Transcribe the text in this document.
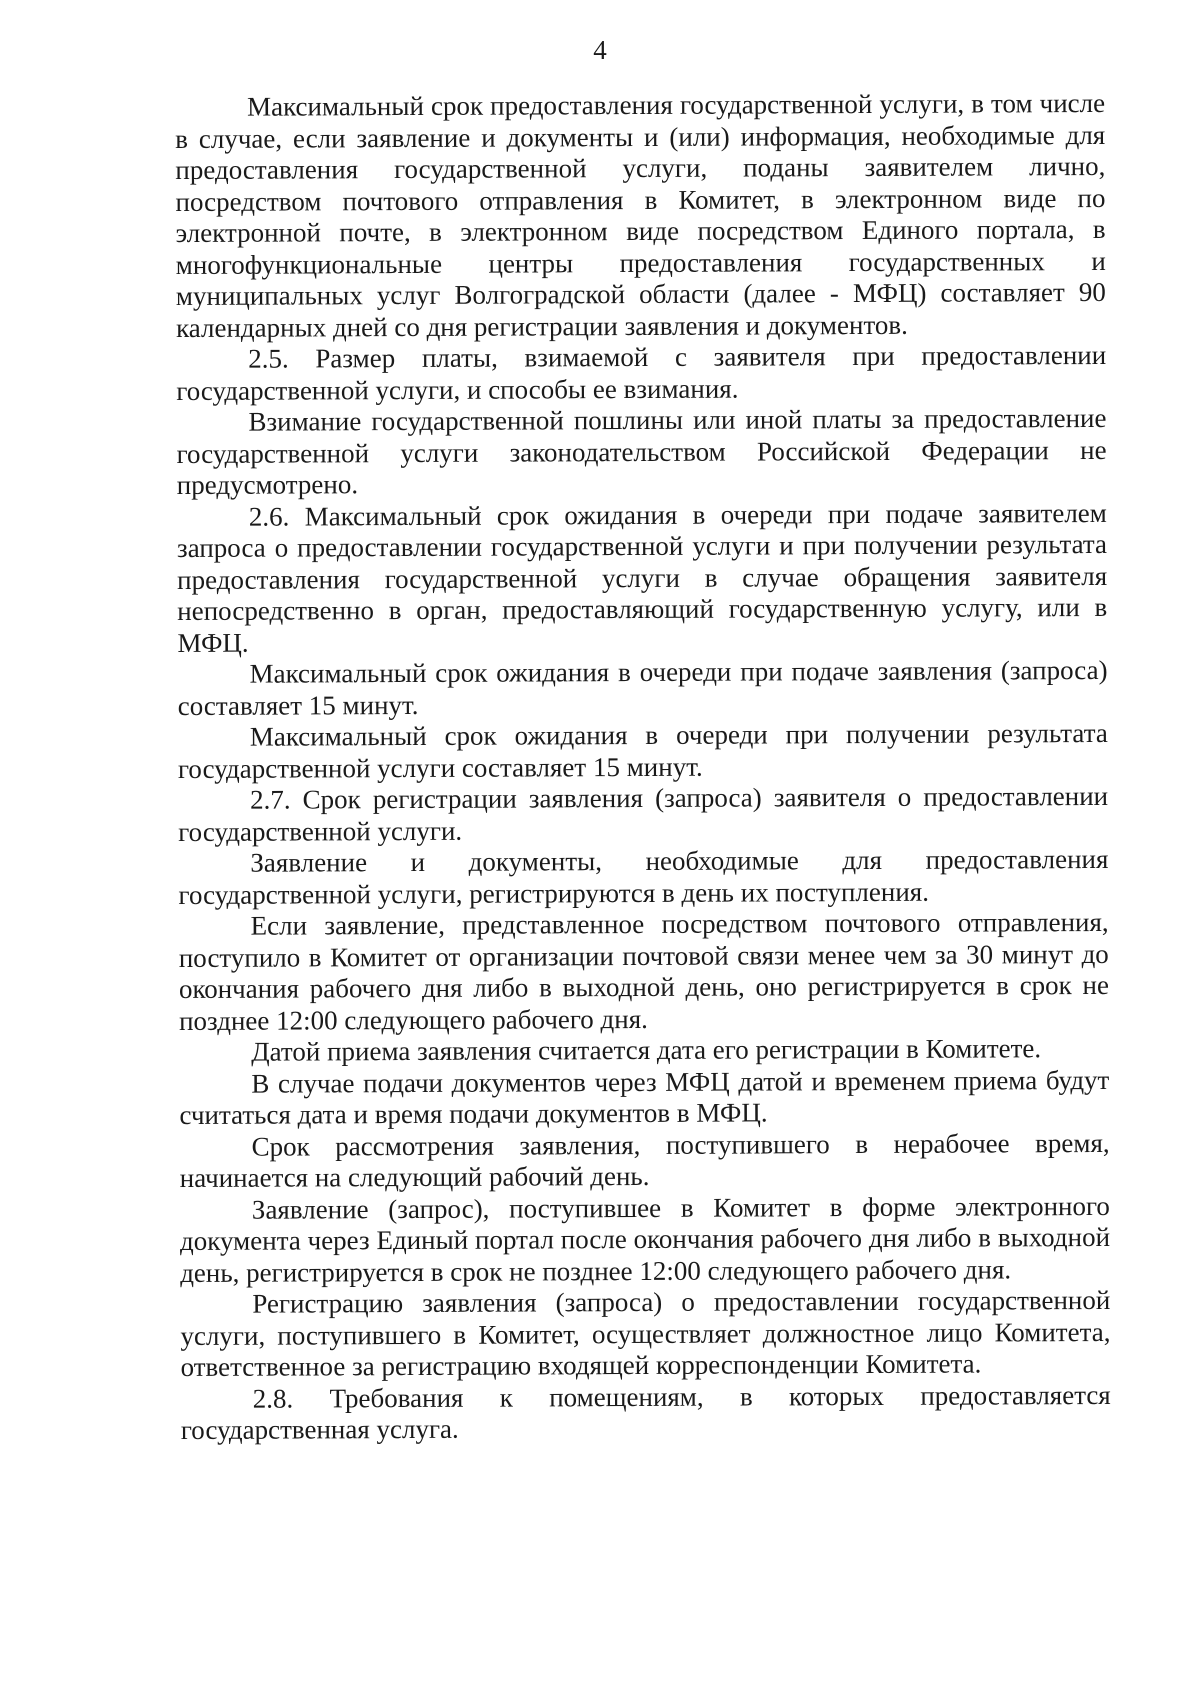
4

Максимальный срок предоставления государственной услуги, в том числе в случае, если заявление и документы и (или) информация, необходимые для предоставления государственной услуги, поданы заявителем лично, посредством почтового отправления в Комитет, в электронном виде по электронной почте, в электронном виде посредством Единого портала, в многофункциональные центры предоставления государственных и муниципальных услуг Волгоградской области (далее - МФЦ) составляет 90 календарных дней со дня регистрации заявления и документов.

2.5. Размер платы, взимаемой с заявителя при предоставлении государственной услуги, и способы ее взимания.

Взимание государственной пошлины или иной платы за предоставление государственной услуги законодательством Российской Федерации не предусмотрено.

2.6. Максимальный срок ожидания в очереди при подаче заявителем запроса о предоставлении государственной услуги и при получении результата предоставления государственной услуги в случае обращения заявителя непосредственно в орган, предоставляющий государственную услугу, или в МФЦ.

Максимальный срок ожидания в очереди при подаче заявления (запроса) составляет 15 минут.

Максимальный срок ожидания в очереди при получении результата государственной услуги составляет 15 минут.

2.7. Срок регистрации заявления (запроса) заявителя о предоставлении государственной услуги.

Заявление и документы, необходимые для предоставления государственной услуги, регистрируются в день их поступления.

Если заявление, представленное посредством почтового отправления, поступило в Комитет от организации почтовой связи менее чем за 30 минут до окончания рабочего дня либо в выходной день, оно регистрируется в срок не позднее 12:00 следующего рабочего дня.

Датой приема заявления считается дата его регистрации в Комитете.

В случае подачи документов через МФЦ датой и временем приема будут считаться дата и время подачи документов в МФЦ.

Срок рассмотрения заявления, поступившего в нерабочее время, начинается на следующий рабочий день.

Заявление (запрос), поступившее в Комитет в форме электронного документа через Единый портал после окончания рабочего дня либо в выходной день, регистрируется в срок не позднее 12:00 следующего рабочего дня.

Регистрацию заявления (запроса) о предоставлении государственной услуги, поступившего в Комитет, осуществляет должностное лицо Комитета, ответственное за регистрацию входящей корреспонденции Комитета.

2.8. Требования к помещениям, в которых предоставляется государственная услуга.
